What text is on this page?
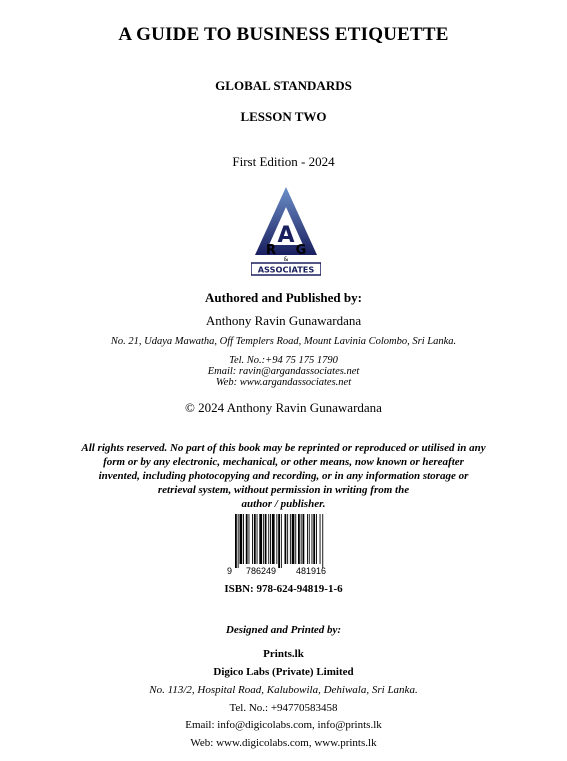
A GUIDE TO BUSINESS ETIQUETTE
GLOBAL STANDARDS
LESSON TWO
First Edition - 2024
A
R G
&
ASSOCIATES
Authored and Published by:
Anthony Ravin Gunawardana
No. 21, Udaya Mawatha, Off Templers Road, Mount Lavinia Colombo, Sri Lanka.
Tel. No.:+94 75 175 1790
Email: ravin@argandassociates.net
Web: www.argandassociates.net
© 2024 Anthony Ravin Gunawardana
All rights reserved. No part of this book may be reprinted or reproduced or utilised in any
form or by any electronic, mechanical, or other means, now known or hereafter
invented, including photocopying and recording, or in any information storage or
retrieval system, without permission in writing from the
author / publisher.
9 786249 481916
ISBN: 978-624-94819-1-6
Designed and Printed by:
Prints.lk
Digico Labs (Private) Limited
No. 113/2, Hospital Road, Kalubowila, Dehiwala, Sri Lanka.
Tel. No.: +94770583458
Email: info@digicolabs.com, info@prints.lk
Web: www.digicolabs.com, www.prints.lk
